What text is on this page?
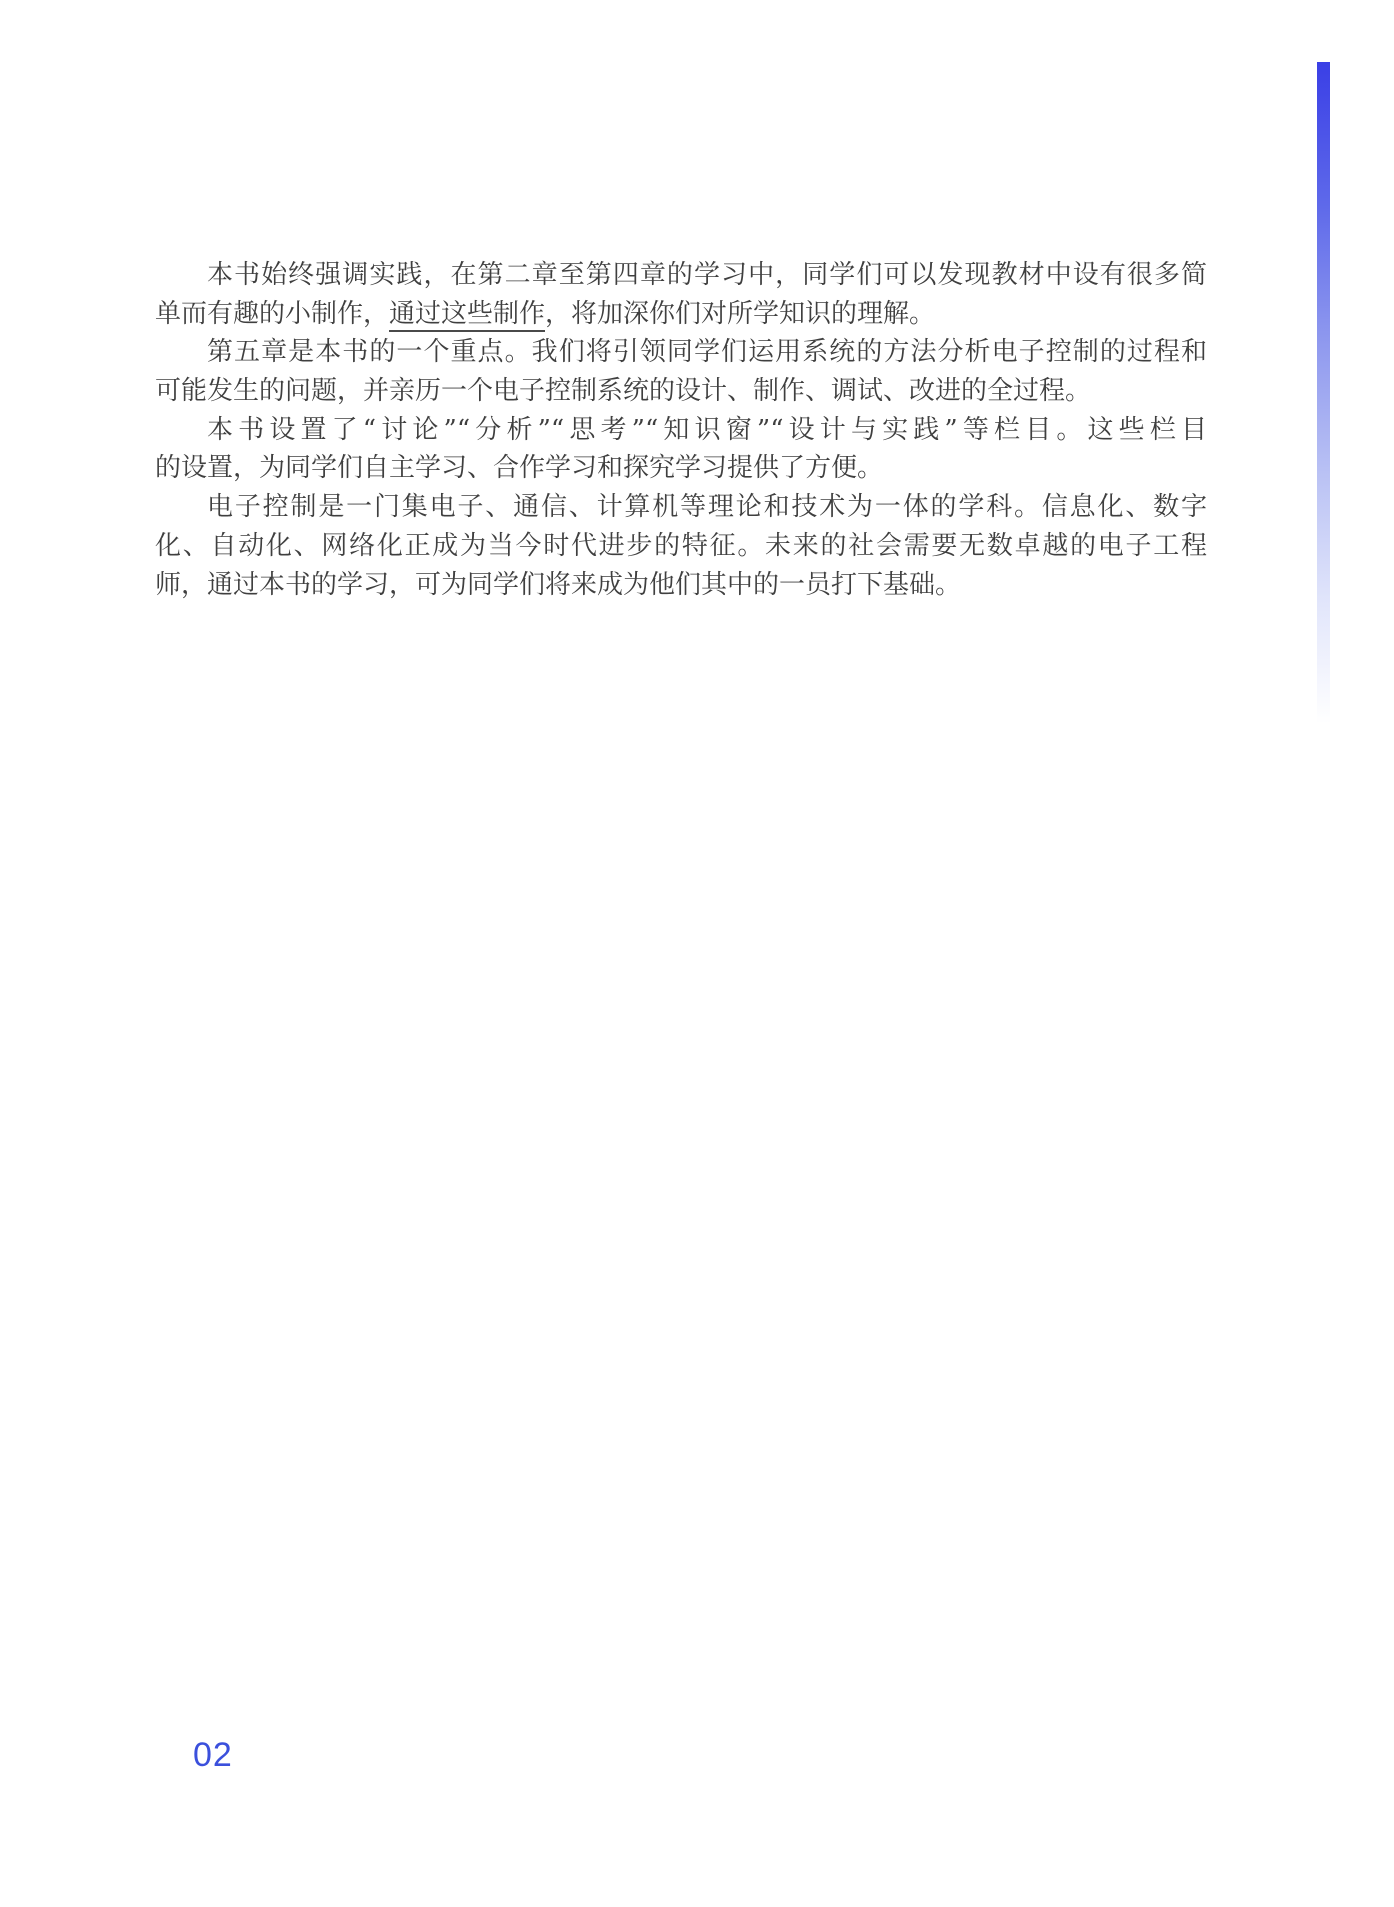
本书始终强调实践，在第二章至第四章的学习中，同学们可以发现教材中设有很多简
单而有趣的小制作，通过这些制作，将加深你们对所学知识的理解。

第五章是本书的一个重点。我们将引领同学们运用系统的方法分析电子控制的过程和
可能发生的问题，并亲历一个电子控制系统的设计、制作、调试、改进的全过程。

本书设置了“讨论”“分析”“思考”“知识窗”“设计与实践”等栏目。这些栏目
的设置，为同学们自主学习、合作学习和探究学习提供了方便。

电子控制是一门集电子、通信、计算机等理论和技术为一体的学科。信息化、数字
化、自动化、网络化正成为当今时代进步的特征。未来的社会需要无数卓越的电子工程
师，通过本书的学习，可为同学们将来成为他们其中的一员打下基础。

02
